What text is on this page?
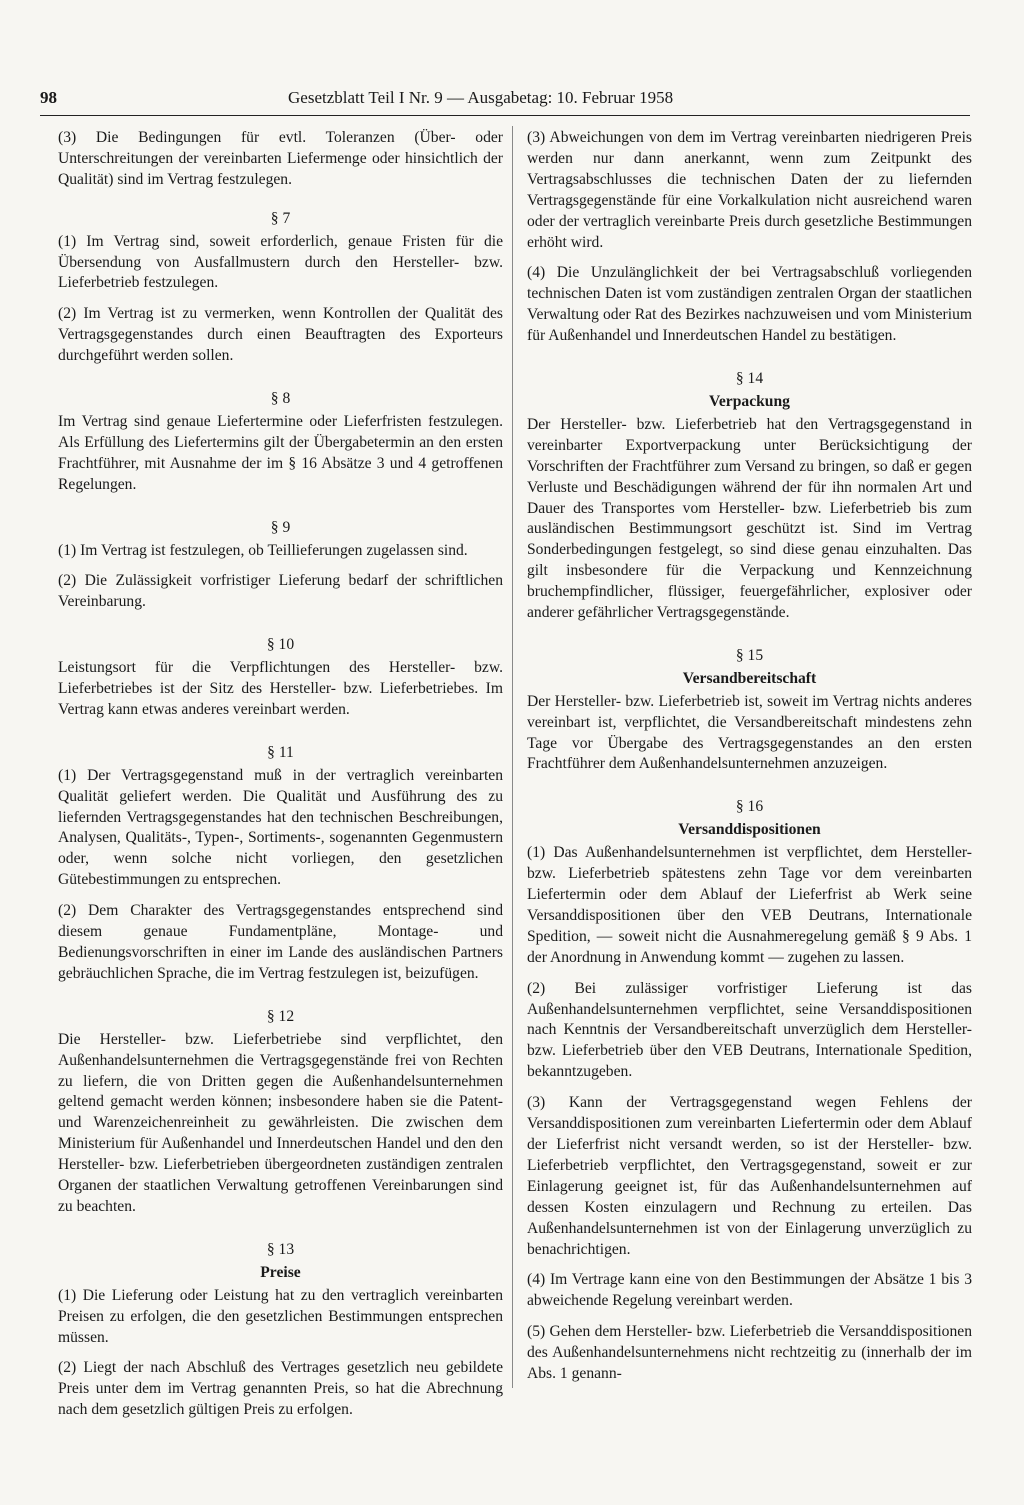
98	Gesetzblatt Teil I Nr. 9 — Ausgabetag: 10. Februar 1958

(3) Die Bedingungen für evtl. Toleranzen (Über- oder Unterschreitungen der vereinbarten Liefermenge oder hinsichtlich der Qualität) sind im Vertrag festzulegen.

§ 7

(1) Im Vertrag sind, soweit erforderlich, genaue Fristen für die Übersendung von Ausfallmustern durch den Hersteller- bzw. Lieferbetrieb festzulegen.

(2) Im Vertrag ist zu vermerken, wenn Kontrollen der Qualität des Vertragsgegenstandes durch einen Beauftragten des Exporteurs durchgeführt werden sollen.

§ 8

Im Vertrag sind genaue Liefertermine oder Lieferfristen festzulegen. Als Erfüllung des Liefertermins gilt der Übergabetermin an den ersten Frachtführer, mit Ausnahme der im § 16 Absätze 3 und 4 getroffenen Regelungen.

§ 9

(1) Im Vertrag ist festzulegen, ob Teillieferungen zugelassen sind.

(2) Die Zulässigkeit vorfristiger Lieferung bedarf der schriftlichen Vereinbarung.

§ 10

Leistungsort für die Verpflichtungen des Hersteller- bzw. Lieferbetriebes ist der Sitz des Hersteller- bzw. Lieferbetriebes. Im Vertrag kann etwas anderes vereinbart werden.

§ 11

(1) Der Vertragsgegenstand muß in der vertraglich vereinbarten Qualität geliefert werden. Die Qualität und Ausführung des zu liefernden Vertragsgegenstandes hat den technischen Beschreibungen, Analysen, Qualitäts-, Typen-, Sortiments-, sogenannten Gegenmustern oder, wenn solche nicht vorliegen, den gesetzlichen Gütebestimmungen zu entsprechen.

(2) Dem Charakter des Vertragsgegenstandes entsprechend sind diesem genaue Fundamentpläne, Montage- und Bedienungsvorschriften in einer im Lande des ausländischen Partners gebräuchlichen Sprache, die im Vertrag festzulegen ist, beizufügen.

§ 12

Die Hersteller- bzw. Lieferbetriebe sind verpflichtet, den Außenhandelsunternehmen die Vertragsgegenstände frei von Rechten zu liefern, die von Dritten gegen die Außenhandelsunternehmen geltend gemacht werden können; insbesondere haben sie die Patent- und Warenzeichenreinheit zu gewährleisten. Die zwischen dem Ministerium für Außenhandel und Innerdeutschen Handel und den den Hersteller- bzw. Lieferbetrieben übergeordneten zuständigen zentralen Organen der staatlichen Verwaltung getroffenen Vereinbarungen sind zu beachten.

§ 13
Preise

(1) Die Lieferung oder Leistung hat zu den vertraglich vereinbarten Preisen zu erfolgen, die den gesetzlichen Bestimmungen entsprechen müssen.

(2) Liegt der nach Abschluß des Vertrages gesetzlich neu gebildete Preis unter dem im Vertrag genannten Preis, so hat die Abrechnung nach dem gesetzlich gültigen Preis zu erfolgen.

(3) Abweichungen von dem im Vertrag vereinbarten niedrigeren Preis werden nur dann anerkannt, wenn zum Zeitpunkt des Vertragsabschlusses die technischen Daten der zu liefernden Vertragsgegenstände für eine Vorkalkulation nicht ausreichend waren oder der vertraglich vereinbarte Preis durch gesetzliche Bestimmungen erhöht wird.

(4) Die Unzulänglichkeit der bei Vertragsabschluß vorliegenden technischen Daten ist vom zuständigen zentralen Organ der staatlichen Verwaltung oder Rat des Bezirkes nachzuweisen und vom Ministerium für Außenhandel und Innerdeutschen Handel zu bestätigen.

§ 14
Verpackung

Der Hersteller- bzw. Lieferbetrieb hat den Vertragsgegenstand in vereinbarter Exportverpackung unter Berücksichtigung der Vorschriften der Frachtführer zum Versand zu bringen, so daß er gegen Verluste und Beschädigungen während der für ihn normalen Art und Dauer des Transportes vom Hersteller- bzw. Lieferbetrieb bis zum ausländischen Bestimmungsort geschützt ist. Sind im Vertrag Sonderbedingungen festgelegt, so sind diese genau einzuhalten. Das gilt insbesondere für die Verpackung und Kennzeichnung bruchempfindlicher, flüssiger, feuergefährlicher, explosiver oder anderer gefährlicher Vertragsgegenstände.

§ 15
Versandbereitschaft

Der Hersteller- bzw. Lieferbetrieb ist, soweit im Vertrag nichts anderes vereinbart ist, verpflichtet, die Versandbereitschaft mindestens zehn Tage vor Übergabe des Vertragsgegenstandes an den ersten Frachtführer dem Außenhandelsunternehmen anzuzeigen.

§ 16
Versanddispositionen

(1) Das Außenhandelsunternehmen ist verpflichtet, dem Hersteller- bzw. Lieferbetrieb spätestens zehn Tage vor dem vereinbarten Liefertermin oder dem Ablauf der Lieferfrist ab Werk seine Versanddispositionen über den VEB Deutrans, Internationale Spedition, — soweit nicht die Ausnahmeregelung gemäß § 9 Abs. 1 der Anordnung in Anwendung kommt — zugehen zu lassen.

(2) Bei zulässiger vorfristiger Lieferung ist das Außenhandelsunternehmen verpflichtet, seine Versanddispositionen nach Kenntnis der Versandbereitschaft unverzüglich dem Hersteller- bzw. Lieferbetrieb über den VEB Deutrans, Internationale Spedition, bekanntzugeben.

(3) Kann der Vertragsgegenstand wegen Fehlens der Versanddispositionen zum vereinbarten Liefertermin oder dem Ablauf der Lieferfrist nicht versandt werden, so ist der Hersteller- bzw. Lieferbetrieb verpflichtet, den Vertragsgegenstand, soweit er zur Einlagerung geeignet ist, für das Außenhandelsunternehmen auf dessen Kosten einzulagern und Rechnung zu erteilen. Das Außenhandelsunternehmen ist von der Einlagerung unverzüglich zu benachrichtigen.

(4) Im Vertrage kann eine von den Bestimmungen der Absätze 1 bis 3 abweichende Regelung vereinbart werden.

(5) Gehen dem Hersteller- bzw. Lieferbetrieb die Versanddispositionen des Außenhandelsunternehmens nicht rechtzeitig zu (innerhalb der im Abs. 1 genann-
